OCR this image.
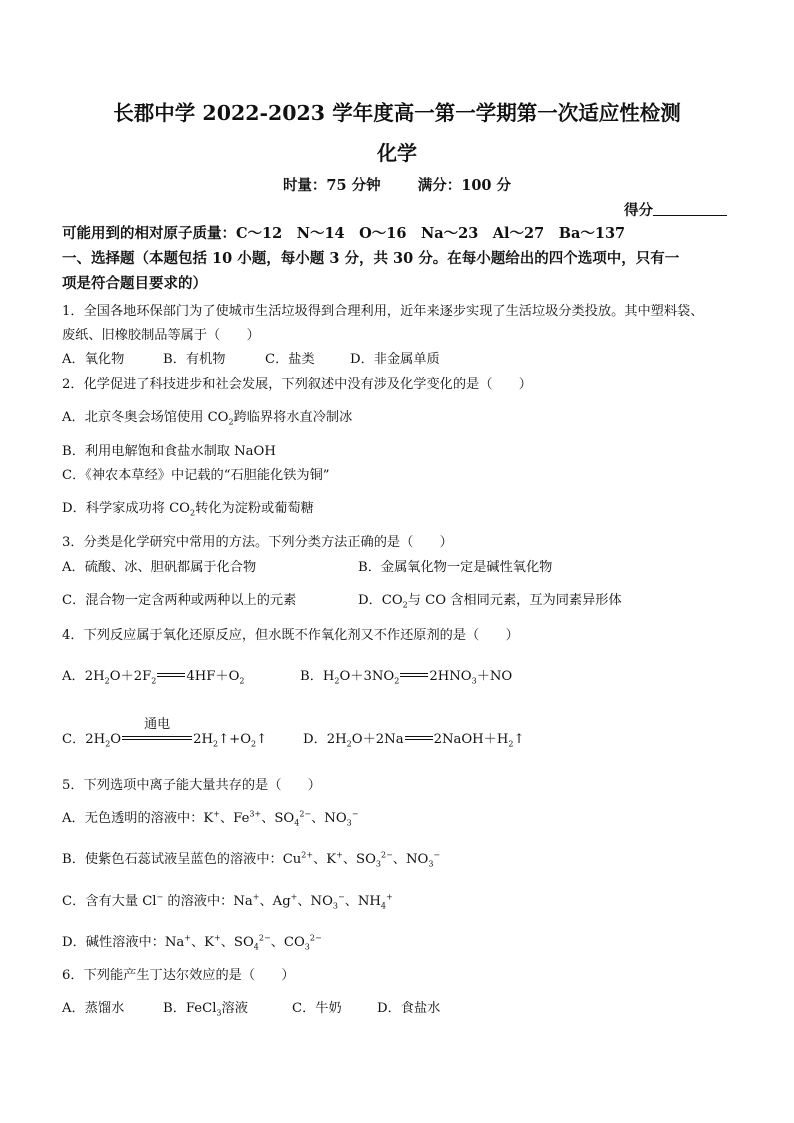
长郡中学 2022-2023 学年度高一第一学期第一次适应性检测
化学
时量：75 分钟	满分：100 分
得分
可能用到的相对原子质量：C～12　N～14　O～16　Na～23　Al～27　Ba～137
一、选择题（本题包括 10 小题，每小题 3 分，共 30 分。在每小题给出的四个选项中，只有一
项是符合题目要求的）
1．全国各地环保部门为了使城市生活垃圾得到合理利用，近年来逐步实现了生活垃圾分类投放。其中塑料袋、
废纸、旧橡胶制品等属于（　　）
A．氧化物	B．有机物	C．盐类	D．非金属单质
2．化学促进了科技进步和社会发展，下列叙述中没有涉及化学变化的是（　　）
A．北京冬奥会场馆使用 $CO_2$跨临界将水直冷制冰
B．利用电解饱和食盐水制取 NaOH
C．《神农本草经》中记载的“石胆能化铁为铜”
D．科学家成功将 $CO_2$转化为淀粉或葡萄糖
3．分类是化学研究中常用的方法。下列分类方法正确的是（　　）
A．硫酸、冰、胆矾都属于化合物	B．金属氧化物一定是碱性氧化物
C．混合物一定含两种或两种以上的元素	D．$CO_2$与 CO 含相同元素，互为同素异形体
4．下列反应属于氧化还原反应，但水既不作氧化剂又不作还原剂的是（　　）
A．$2H_2O+2F_2$ $4HF+O_2$	B．$H_2O+3NO_2$ $2HNO_3+NO$
C．$2H_2O$
通电
$2H_2↑+O_2↑$	D．$2H_2O+2Na$ $2NaOH+H_2↑$
5．下列选项中离子能大量共存的是（　　）
A．无色透明的溶液中：K+、$Fe^{3+}$、$SO_4^{2-}$、$NO_3^-$
B．使紫色石蕊试液呈蓝色的溶液中：$Cu^{2+}$、K+、$SO_3^{2-}$、$NO_3^-$
C．含有大量 Cl− 的溶液中：Na+、Ag+、$NO_3^-$、$NH_4^+$
D．碱性溶液中：Na+、K+、$SO_4^{2-}$、$CO_3^{2-}$
6．下列能产生丁达尔效应的是（　　）
A．蒸馏水	B．FeCl$_3$溶液	C．牛奶	D．食盐水
